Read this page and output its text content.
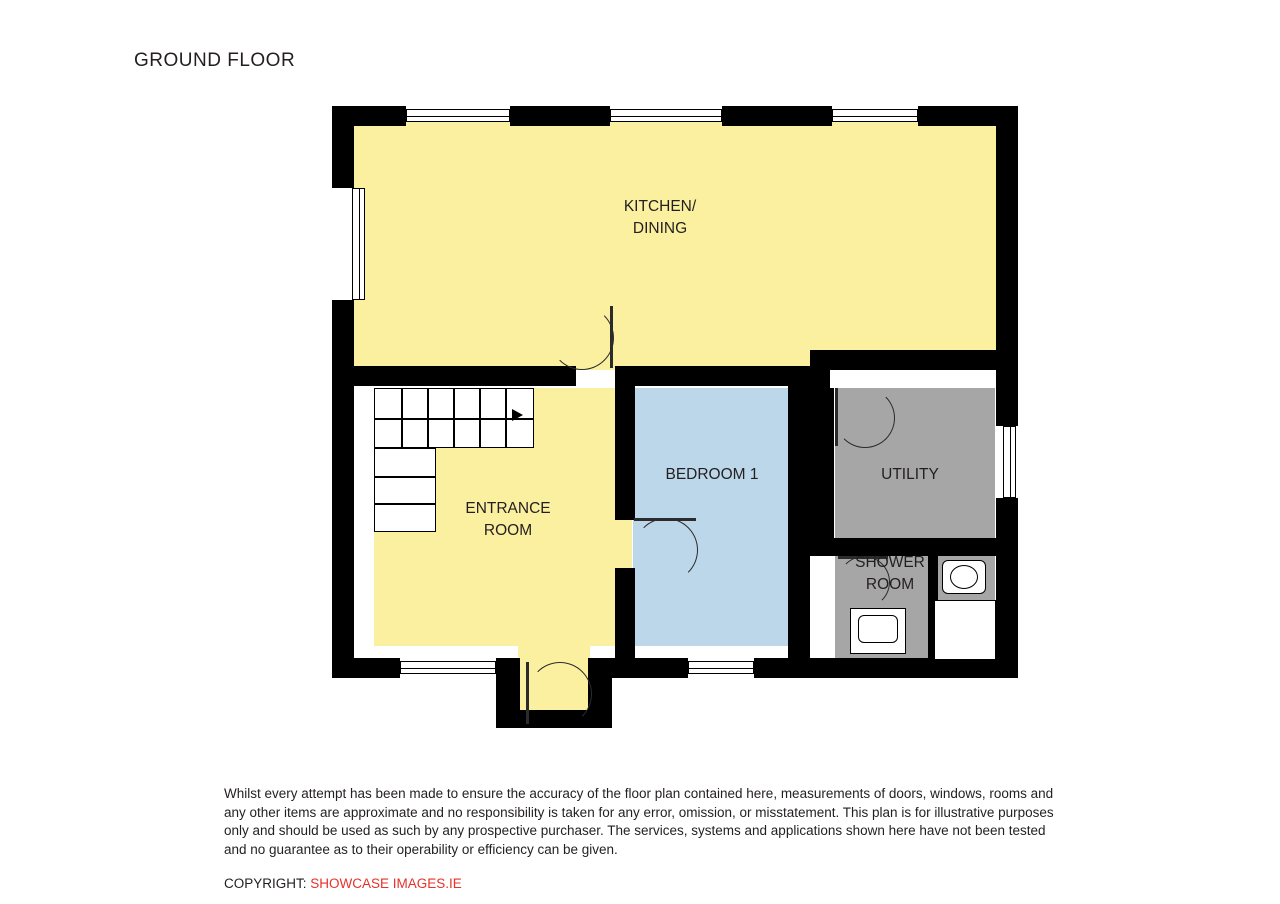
GROUND FLOOR
KITCHEN/
DINING
ENTRANCE
ROOM
BEDROOM 1	UTILITY
SHOWER
ROOM
Whilst every attempt has been made to ensure the accuracy of the floor plan contained here, measurements of doors, windows, rooms and any other items are approximate and no responsibility is taken for any error, omission, or misstatement. This plan is for illustrative purposes only and should be used as such by any prospective purchaser. The services, systems and applications shown here have not been tested and no guarantee as to their operability or efficiency can be given.
COPYRIGHT: SHOWCASE IMAGES.IE
